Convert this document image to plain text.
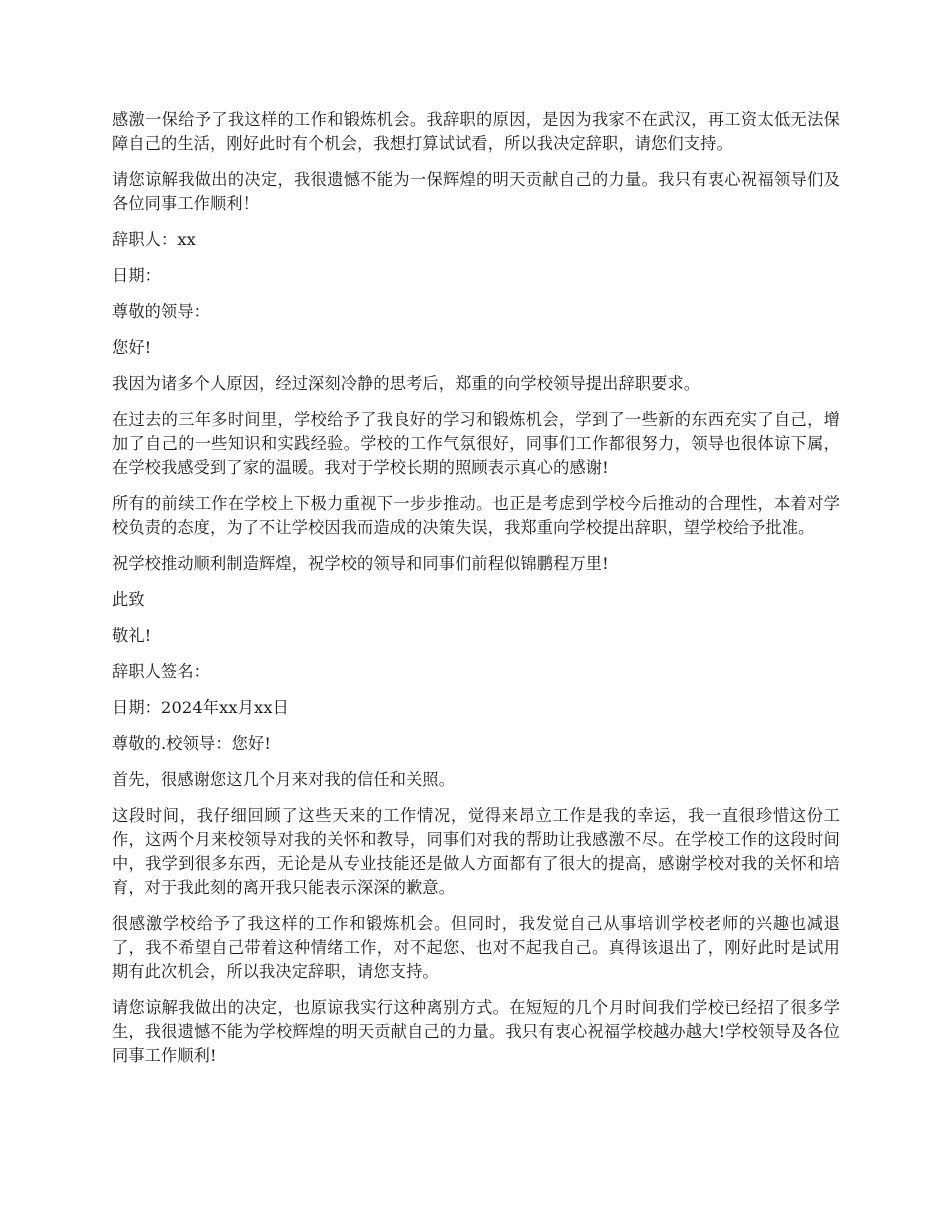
感激一保给予了我这样的工作和锻炼机会。我辞职的原因，是因为我家不在武汉，再工资太低无法保障自己的生活，刚好此时有个机会，我想打算试试看，所以我决定辞职，请您们支持。

请您谅解我做出的决定，我很遗憾不能为一保辉煌的明天贡献自己的力量。我只有衷心祝福领导们及各位同事工作顺利！

辞职人：xx

日期：

尊敬的领导：

您好!

我因为诸多个人原因，经过深刻冷静的思考后，郑重的向学校领导提出辞职要求。

在过去的三年多时间里，学校给予了我良好的学习和锻炼机会，学到了一些新的东西充实了自己，增加了自己的一些知识和实践经验。学校的工作气氛很好，同事们工作都很努力，领导也很体谅下属，在学校我感受到了家的温暖。我对于学校长期的照顾表示真心的感谢!

所有的前续工作在学校上下极力重视下一步步推动。也正是考虑到学校今后推动的合理性，本着对学校负责的态度，为了不让学校因我而造成的决策失误，我郑重向学校提出辞职，望学校给予批准。

祝学校推动顺利制造辉煌，祝学校的领导和同事们前程似锦鹏程万里!

此致

敬礼!

辞职人签名：

日期：2024年xx月xx日

尊敬的.校领导：您好!

首先，很感谢您这几个月来对我的信任和关照。

这段时间，我仔细回顾了这些天来的工作情况，觉得来昂立工作是我的幸运，我一直很珍惜这份工作，这两个月来校领导对我的关怀和教导，同事们对我的帮助让我感激不尽。在学校工作的这段时间中，我学到很多东西，无论是从专业技能还是做人方面都有了很大的提高，感谢学校对我的关怀和培育，对于我此刻的离开我只能表示深深的歉意。

很感激学校给予了我这样的工作和锻炼机会。但同时，我发觉自己从事培训学校老师的兴趣也减退了，我不希望自己带着这种情绪工作，对不起您、也对不起我自己。真得该退出了，刚好此时是试用期有此次机会，所以我决定辞职，请您支持。

请您谅解我做出的决定，也原谅我实行这种离别方式。在短短的几个月时间我们学校已经招了很多学生，我很遗憾不能为学校辉煌的明天贡献自己的力量。我只有衷心祝福学校越办越大!学校领导及各位同事工作顺利!
